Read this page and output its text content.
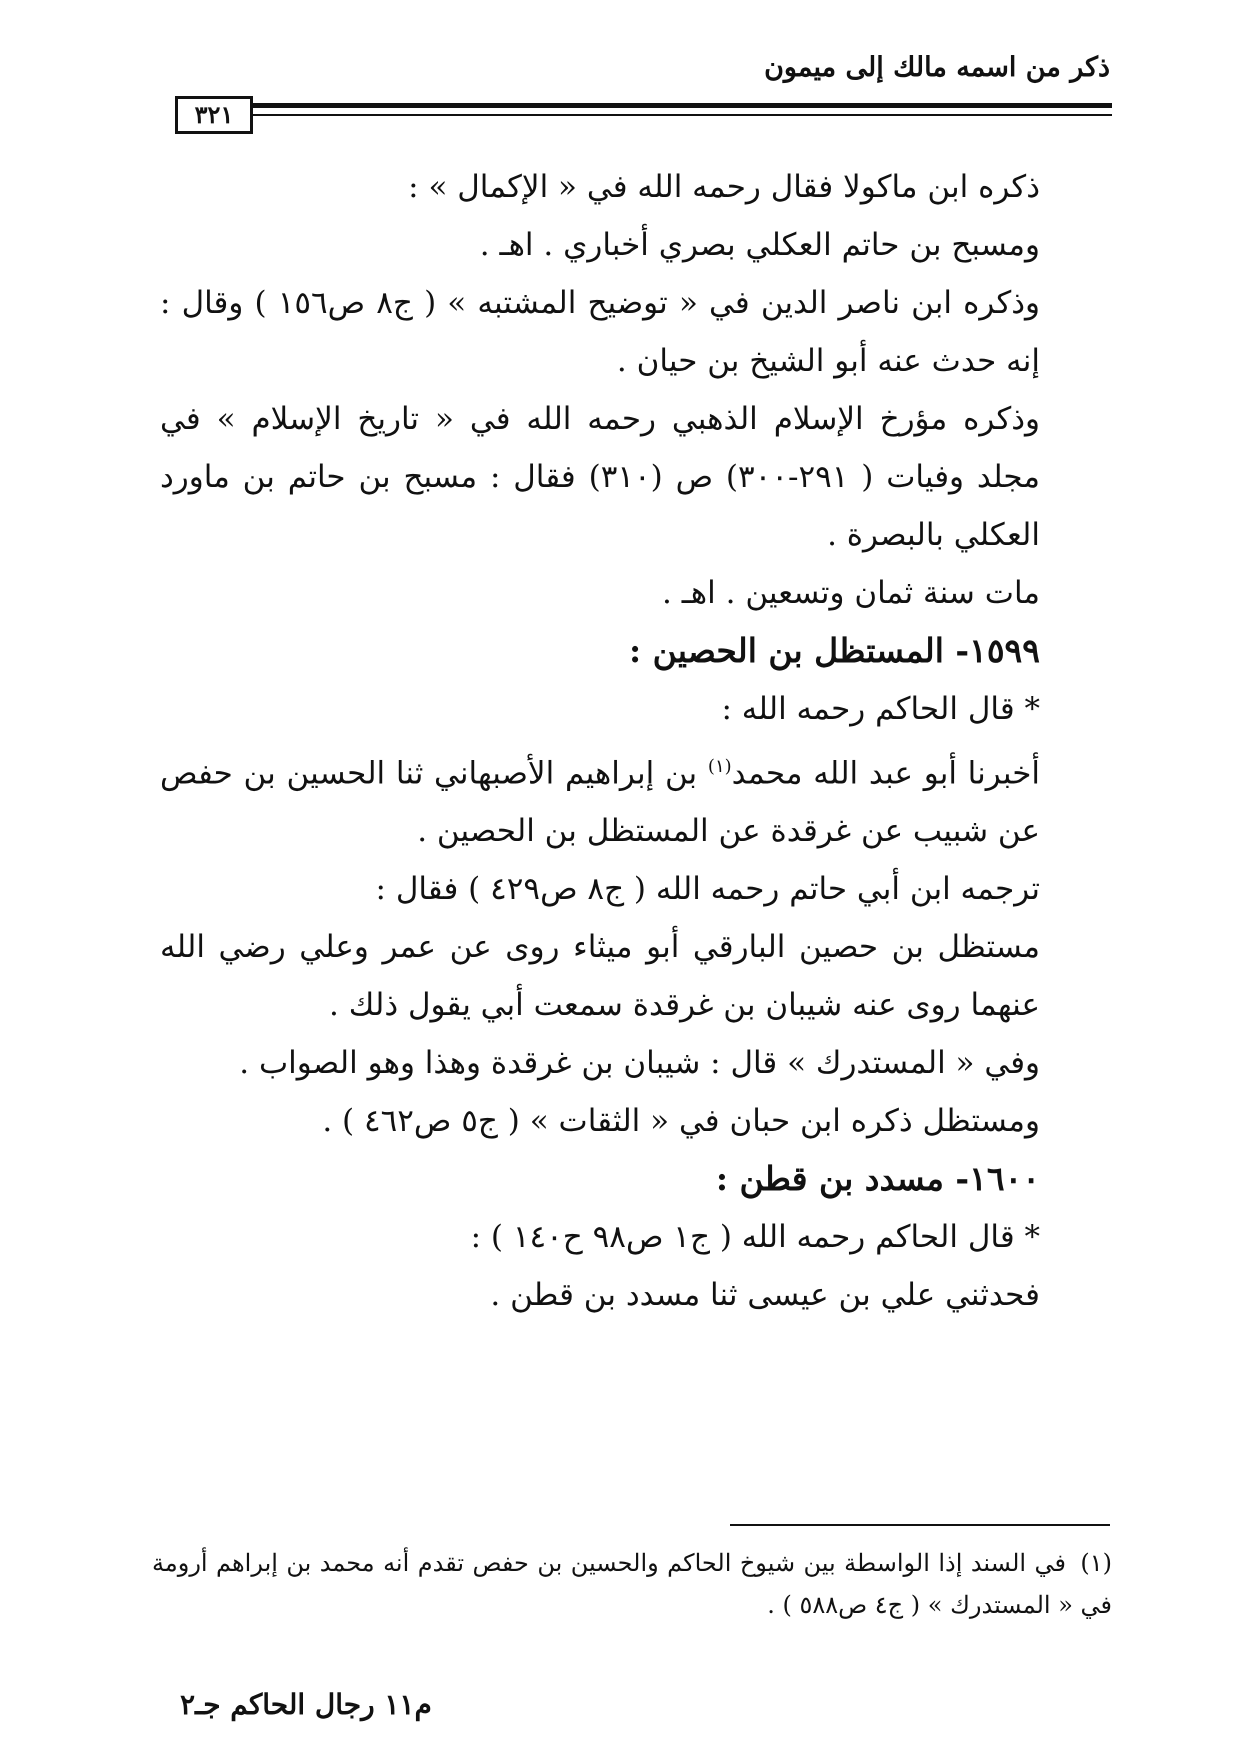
ذكر من اسمه مالك إلى ميمون
٣٢١

ذكره ابن ماكولا فقال رحمه الله في « الإكمال » :

ومسبح بن حاتم العكلي بصري أخباري . اهـ .

وذكره ابن ناصر الدين في « توضيح المشتبه » ( ج٨ ص١٥٦ ) وقال : إنه حدث عنه أبو الشيخ بن حيان .

وذكره مؤرخ الإسلام الذهبي رحمه الله في « تاريخ الإسلام » في مجلد وفيات ( ٢٩١-٣٠٠) ص (٣١٠) فقال : مسبح بن حاتم بن ماورد العكلي بالبصرة .

مات سنة ثمان وتسعين . اهـ .

١٥٩٩- المستظل بن الحصين :

* قال الحاكم رحمه الله :

أخبرنا أبو عبد الله محمد$^{(١)}$ بن إبراهيم الأصبهاني ثنا الحسين بن حفص عن شبيب عن غرقدة عن المستظل بن الحصين .

ترجمه ابن أبي حاتم رحمه الله ( ج٨ ص٤٢٩ ) فقال :

مستظل بن حصين البارقي أبو ميثاء روى عن عمر وعلي رضي الله عنهما روى عنه شيبان بن غرقدة سمعت أبي يقول ذلك .

وفي « المستدرك » قال : شيبان بن غرقدة وهذا وهو الصواب .

ومستظل ذكره ابن حبان في « الثقات » ( ج٥ ص٤٦٢ ) .

١٦٠٠- مسدد بن قطن :

* قال الحاكم رحمه الله ( ج١ ص٩٨ ح١٤٠ ) :

فحدثني علي بن عيسى ثنا مسدد بن قطن .

(١)في السند إذا الواسطة بين شيوخ الحاكم والحسين بن حفص تقدم أنه محمد بن إبراهم أرومة في « المستدرك » ( ج٤ ص٥٨٨ ) .

م١١ رجال الحاكم جـ٢
